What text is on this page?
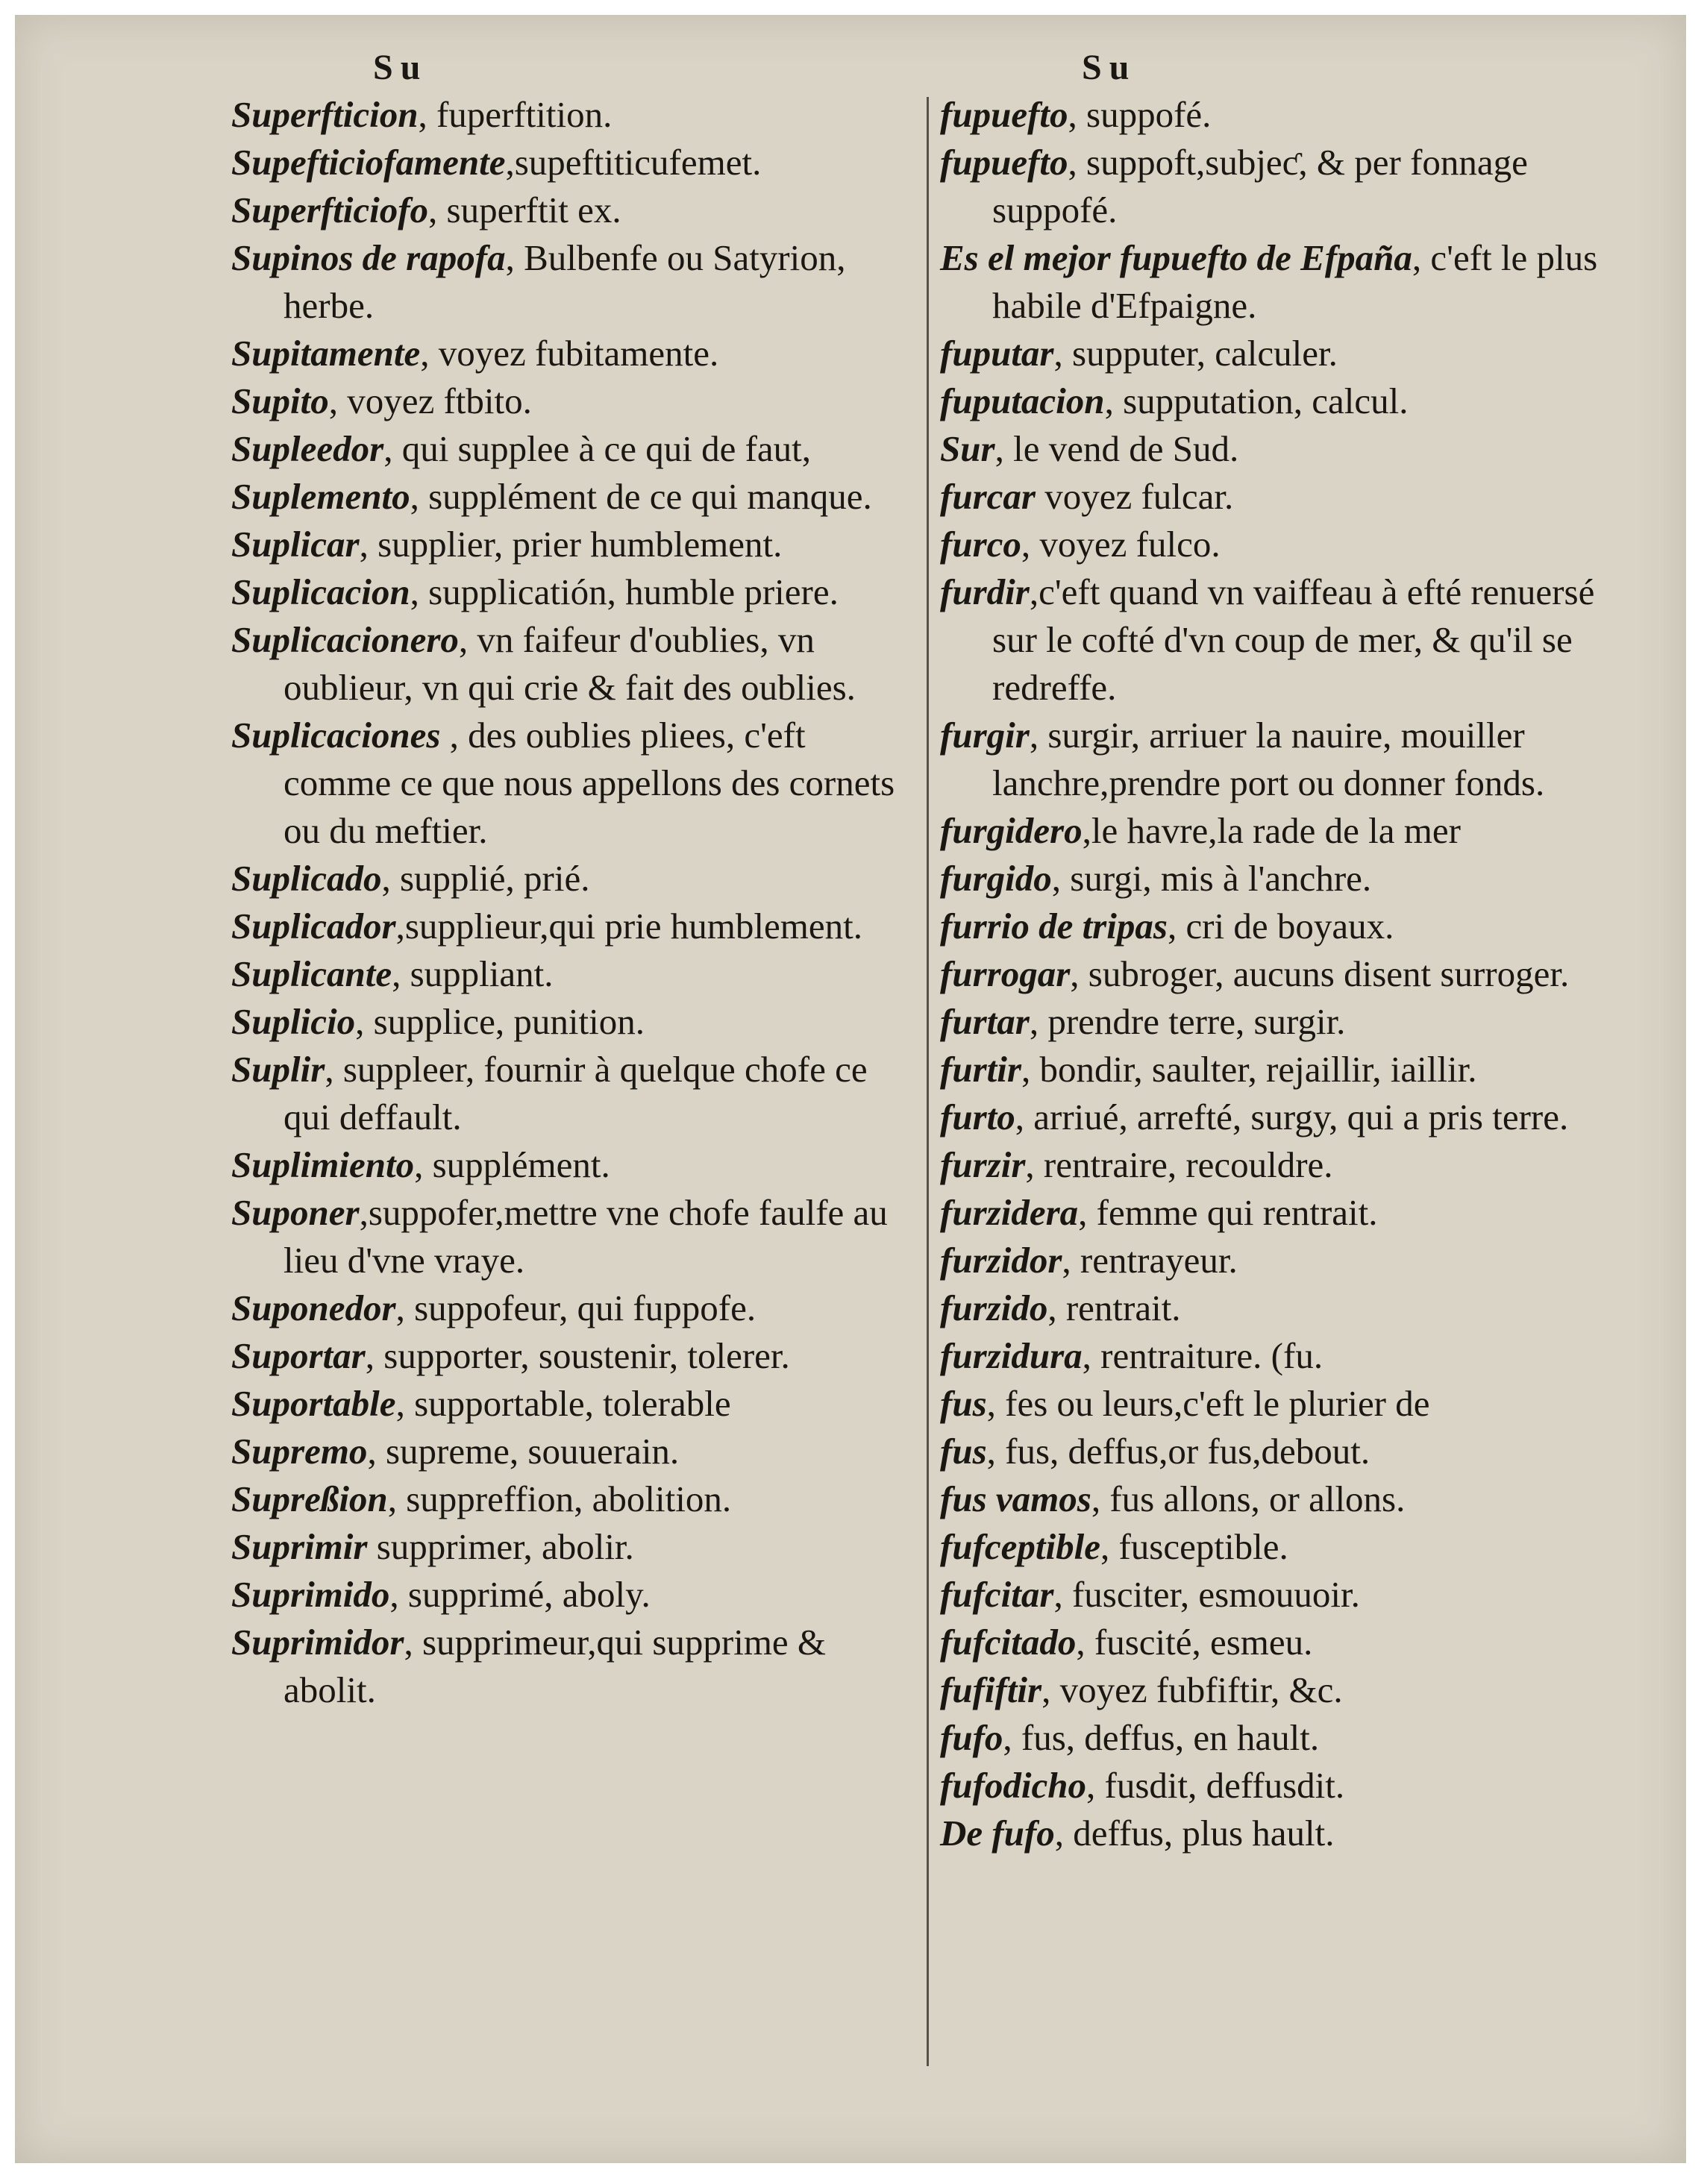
Su
Superfticion, fuperftition.
Supefticiofamente,supeftiticufemet.
Superfticiofo, superftit ex.
Supinos de rapofa, Bulbenfe ou Satyrion, herbe.
Supitamente, voyez fubitamente.
Supito, voyez ftbito.
Supleedor, qui supplee à ce qui de faut,
Suplemento, supplément de ce qui manque.
Suplicar, supplier, prier humblement.
Suplicacion, supplicatión, humble priere.
Suplicacionero, vn faifeur d'oublies, vn oublieur, vn qui crie & fait des oublies.
Suplicaciones , des oublies pliees, c'eft comme ce que nous appellons des cornets ou du meftier.
Suplicado, supplié, prié.
Suplicador,supplieur,qui prie humblement.
Suplicante, suppliant.
Suplicio, supplice, punition.
Suplir, suppleer, fournir à quelque chofe ce qui deffault.
Suplimiento, supplément.
Suponer,suppofer,mettre vne chofe faulfe au lieu d'vne vraye.
Suponedor, suppofeur, qui fuppofe.
Suportar, supporter, soustenir, tolerer.
Suportable, supportable, tolerable
Supremo, supreme, souuerain.
Supreßion, suppreffion, abolition.
Suprimir supprimer, abolir.
Suprimido, supprimé, aboly.
Suprimidor, supprimeur,qui supprime & abolit.
Su
fupuefto, suppofé.
fupuefto, suppoft,subjeƈ, & per fonnage suppofé.
Es el mejor fupuefto de Efpaña, c'eft le plus habile d'Efpaigne.
fuputar, supputer, calculer.
fuputacion, supputation, calcul.
Sur, le vend de Sud.
furcar voyez fulcar.
furco, voyez fulco.
furdir,c'eft quand vn vaiffeau à efté renuersé sur le cofté d'vn coup de mer, & qu'il se redreffe.
furgir, surgir, arriuer la nauire, mouiller lanchre,prendre port ou donner fonds.
furgidero,le havre,la rade de la mer
furgido, surgi, mis à l'anchre.
furrio de tripas, cri de boyaux.
furrogar, subroger, aucuns disent surroger.
furtar, prendre terre, surgir.
furtir, bondir, saulter, rejaillir, iaillir.
furto, arriué, arrefté, surgy, qui a pris terre.
furzir, rentraire, recouldre.
furzidera, femme qui rentrait.
furzidor, rentrayeur.
furzido, rentrait.
furzidura, rentraiture. (fu.
fus, fes ou leurs,c'eft le plurier de
fus, fus, deffus,or fus,debout.
fus vamos, fus allons, or allons.
fufceptible, fusceptible.
fufcitar, fusciter, esmouuoir.
fufcitado, fuscité, esmeu.
fufiftir, voyez fubfiftir, &c.
fufo, fus, deffus, en hault.
fufodicho, fusdit, deffusdit.
De fufo, deffus, plus hault.
